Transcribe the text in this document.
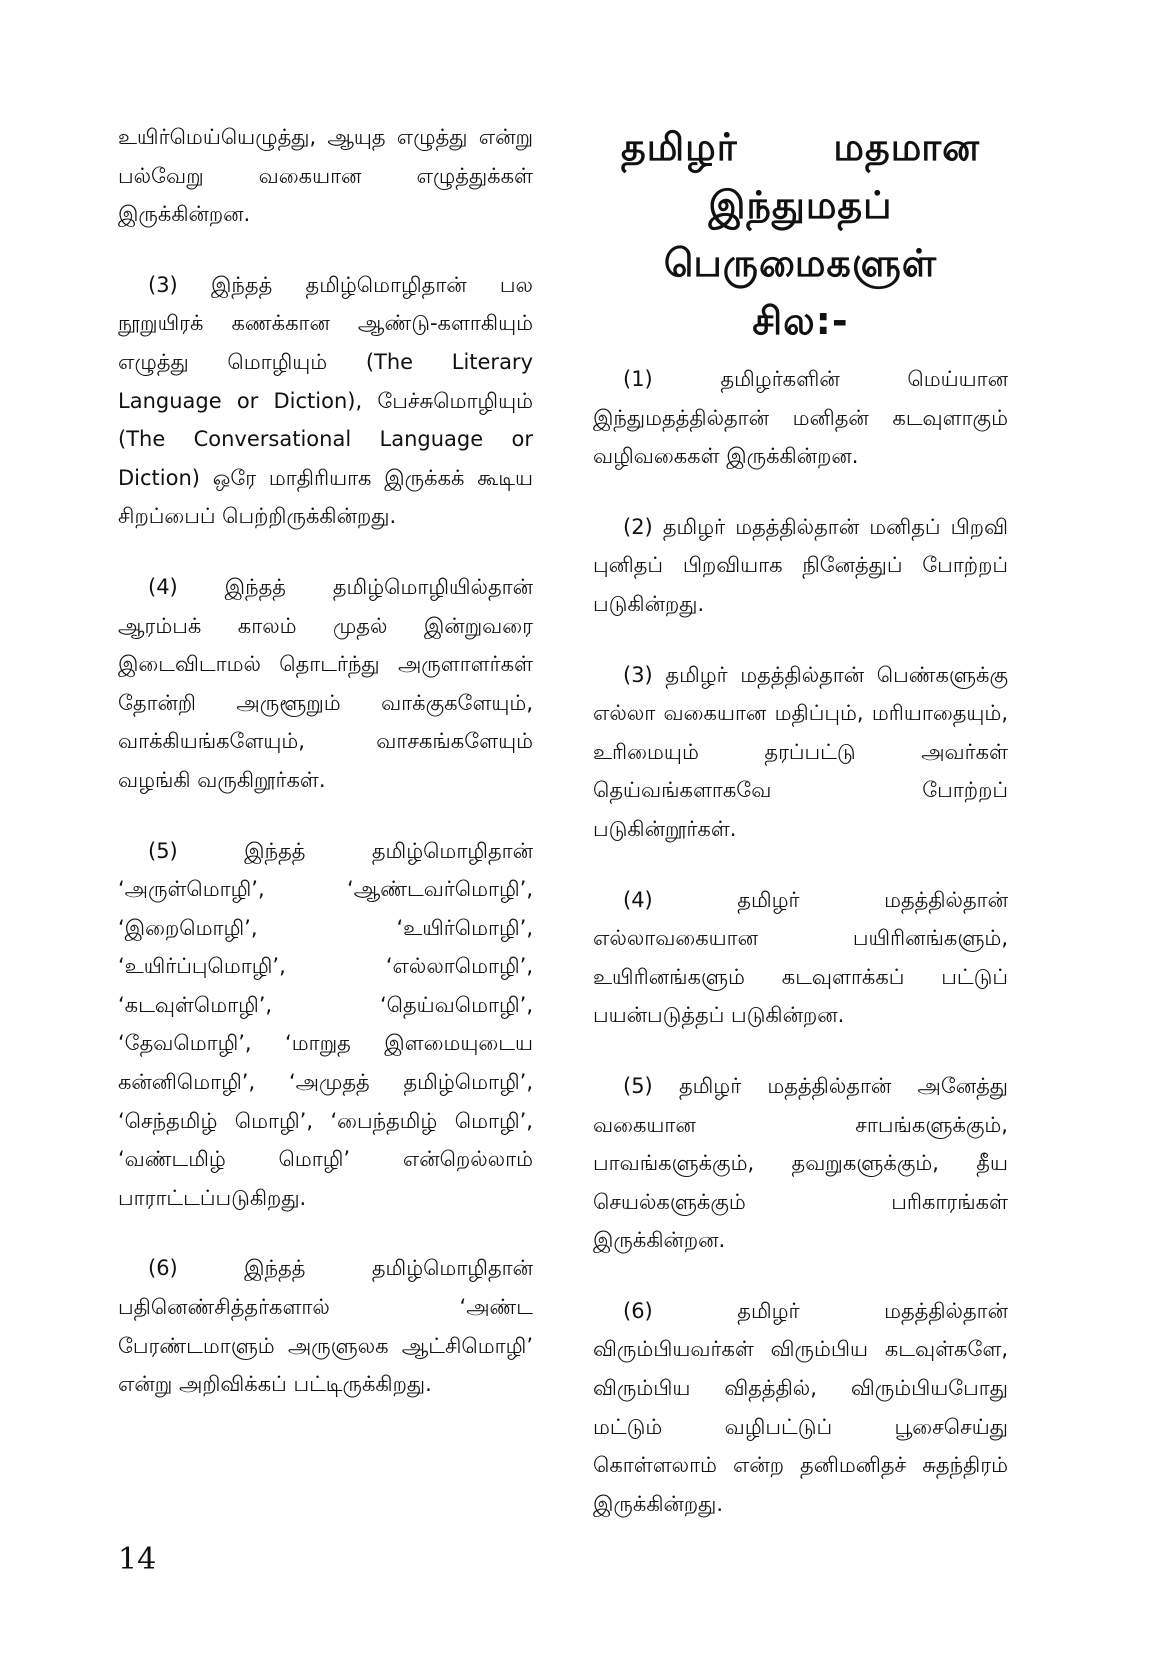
உயிர்மெய்யெழுத்து, ஆயுத எழுத்து என்று பல்வேறு வகையான எழுத்துக்கள் இருக்கின்றன.

(3) இந்தத் தமிழ்மொழிதான் பல நூறுயிரக் கணக்கான ஆண்டு-களாகியும் எழுத்து மொழியும் (The Literary Language or Diction), பேச்சுமொழியும் (The Conversational Language or Diction) ஒரே மாதிரியாக இருக்கக் கூடிய சிறப்பைப் பெற்றிருக்கின்றது.

(4) இந்தத் தமிழ்மொழியில்தான் ஆரம்பக் காலம் முதல் இன்றுவரை இடைவிடாமல் தொடர்ந்து அருளாளர்கள் தோன்றி அருளூறும் வாக்குகளேயும், வாக்கியங்களேயும், வாசகங்களேயும் வழங்கி வருகிறூர்கள்.

(5) இந்தத் தமிழ்மொழிதான் ‘அருள்மொழி’, ‘ஆண்டவர்மொழி’, ‘இறைமொழி’, ‘உயிர்மொழி’, ‘உயிர்ப்புமொழி’, ‘எல்லாமொழி’, ‘கடவுள்மொழி’, ‘தெய்வமொழி’, ‘தேவமொழி’, ‘மாறுத இளமையுடைய கன்னிமொழி’, ‘அமுதத் தமிழ்மொழி’, ‘செந்தமிழ் மொழி’, ‘பைந்தமிழ் மொழி’, ‘வண்டமிழ் மொழி’ என்றெல்லாம் பாராட்டப்படுகிறது.

(6) இந்தத் தமிழ்மொழிதான் பதினெண்சித்தர்களால் ‘அண்ட பேரண்டமாளும் அருளுலக ஆட்சிமொழி’ என்று அறிவிக்கப் பட்டிருக்கிறது.

தமிழர் மதமான
இந்துமதப்
பெருமைகளுள்
சில:-

(1) தமிழர்களின் மெய்யான இந்துமதத்தில்தான் மனிதன் கடவுளாகும் வழிவகைகள் இருக்கின்றன.

(2) தமிழர் மதத்தில்தான் மனிதப் பிறவி புனிதப் பிறவியாக நினேத்துப் போற்றப் படுகின்றது.

(3) தமிழர் மதத்தில்தான் பெண்களுக்கு எல்லா வகையான மதிப்பும், மரியாதையும், உரிமையும் தரப்பட்டு அவர்கள் தெய்வங்களாகவே போற்றப் படுகின்றூர்கள்.

(4) தமிழர் மதத்தில்தான் எல்லாவகையான பயிரினங்களும், உயிரினங்களும் கடவுளாக்கப் பட்டுப் பயன்படுத்தப் படுகின்றன.

(5) தமிழர் மதத்தில்தான் அனேத்து வகையான சாபங்களுக்கும், பாவங்களுக்கும், தவறுகளுக்கும், தீய செயல்களுக்கும் பரிகாரங்கள் இருக்கின்றன.

(6) தமிழர் மதத்தில்தான் விரும்பியவர்கள் விரும்பிய கடவுள்களே, விரும்பிய விதத்தில், விரும்பியபோது மட்டும் வழிபட்டுப் பூசைசெய்து கொள்ளலாம் என்ற தனிமனிதச் சுதந்திரம் இருக்கின்றது.

14
